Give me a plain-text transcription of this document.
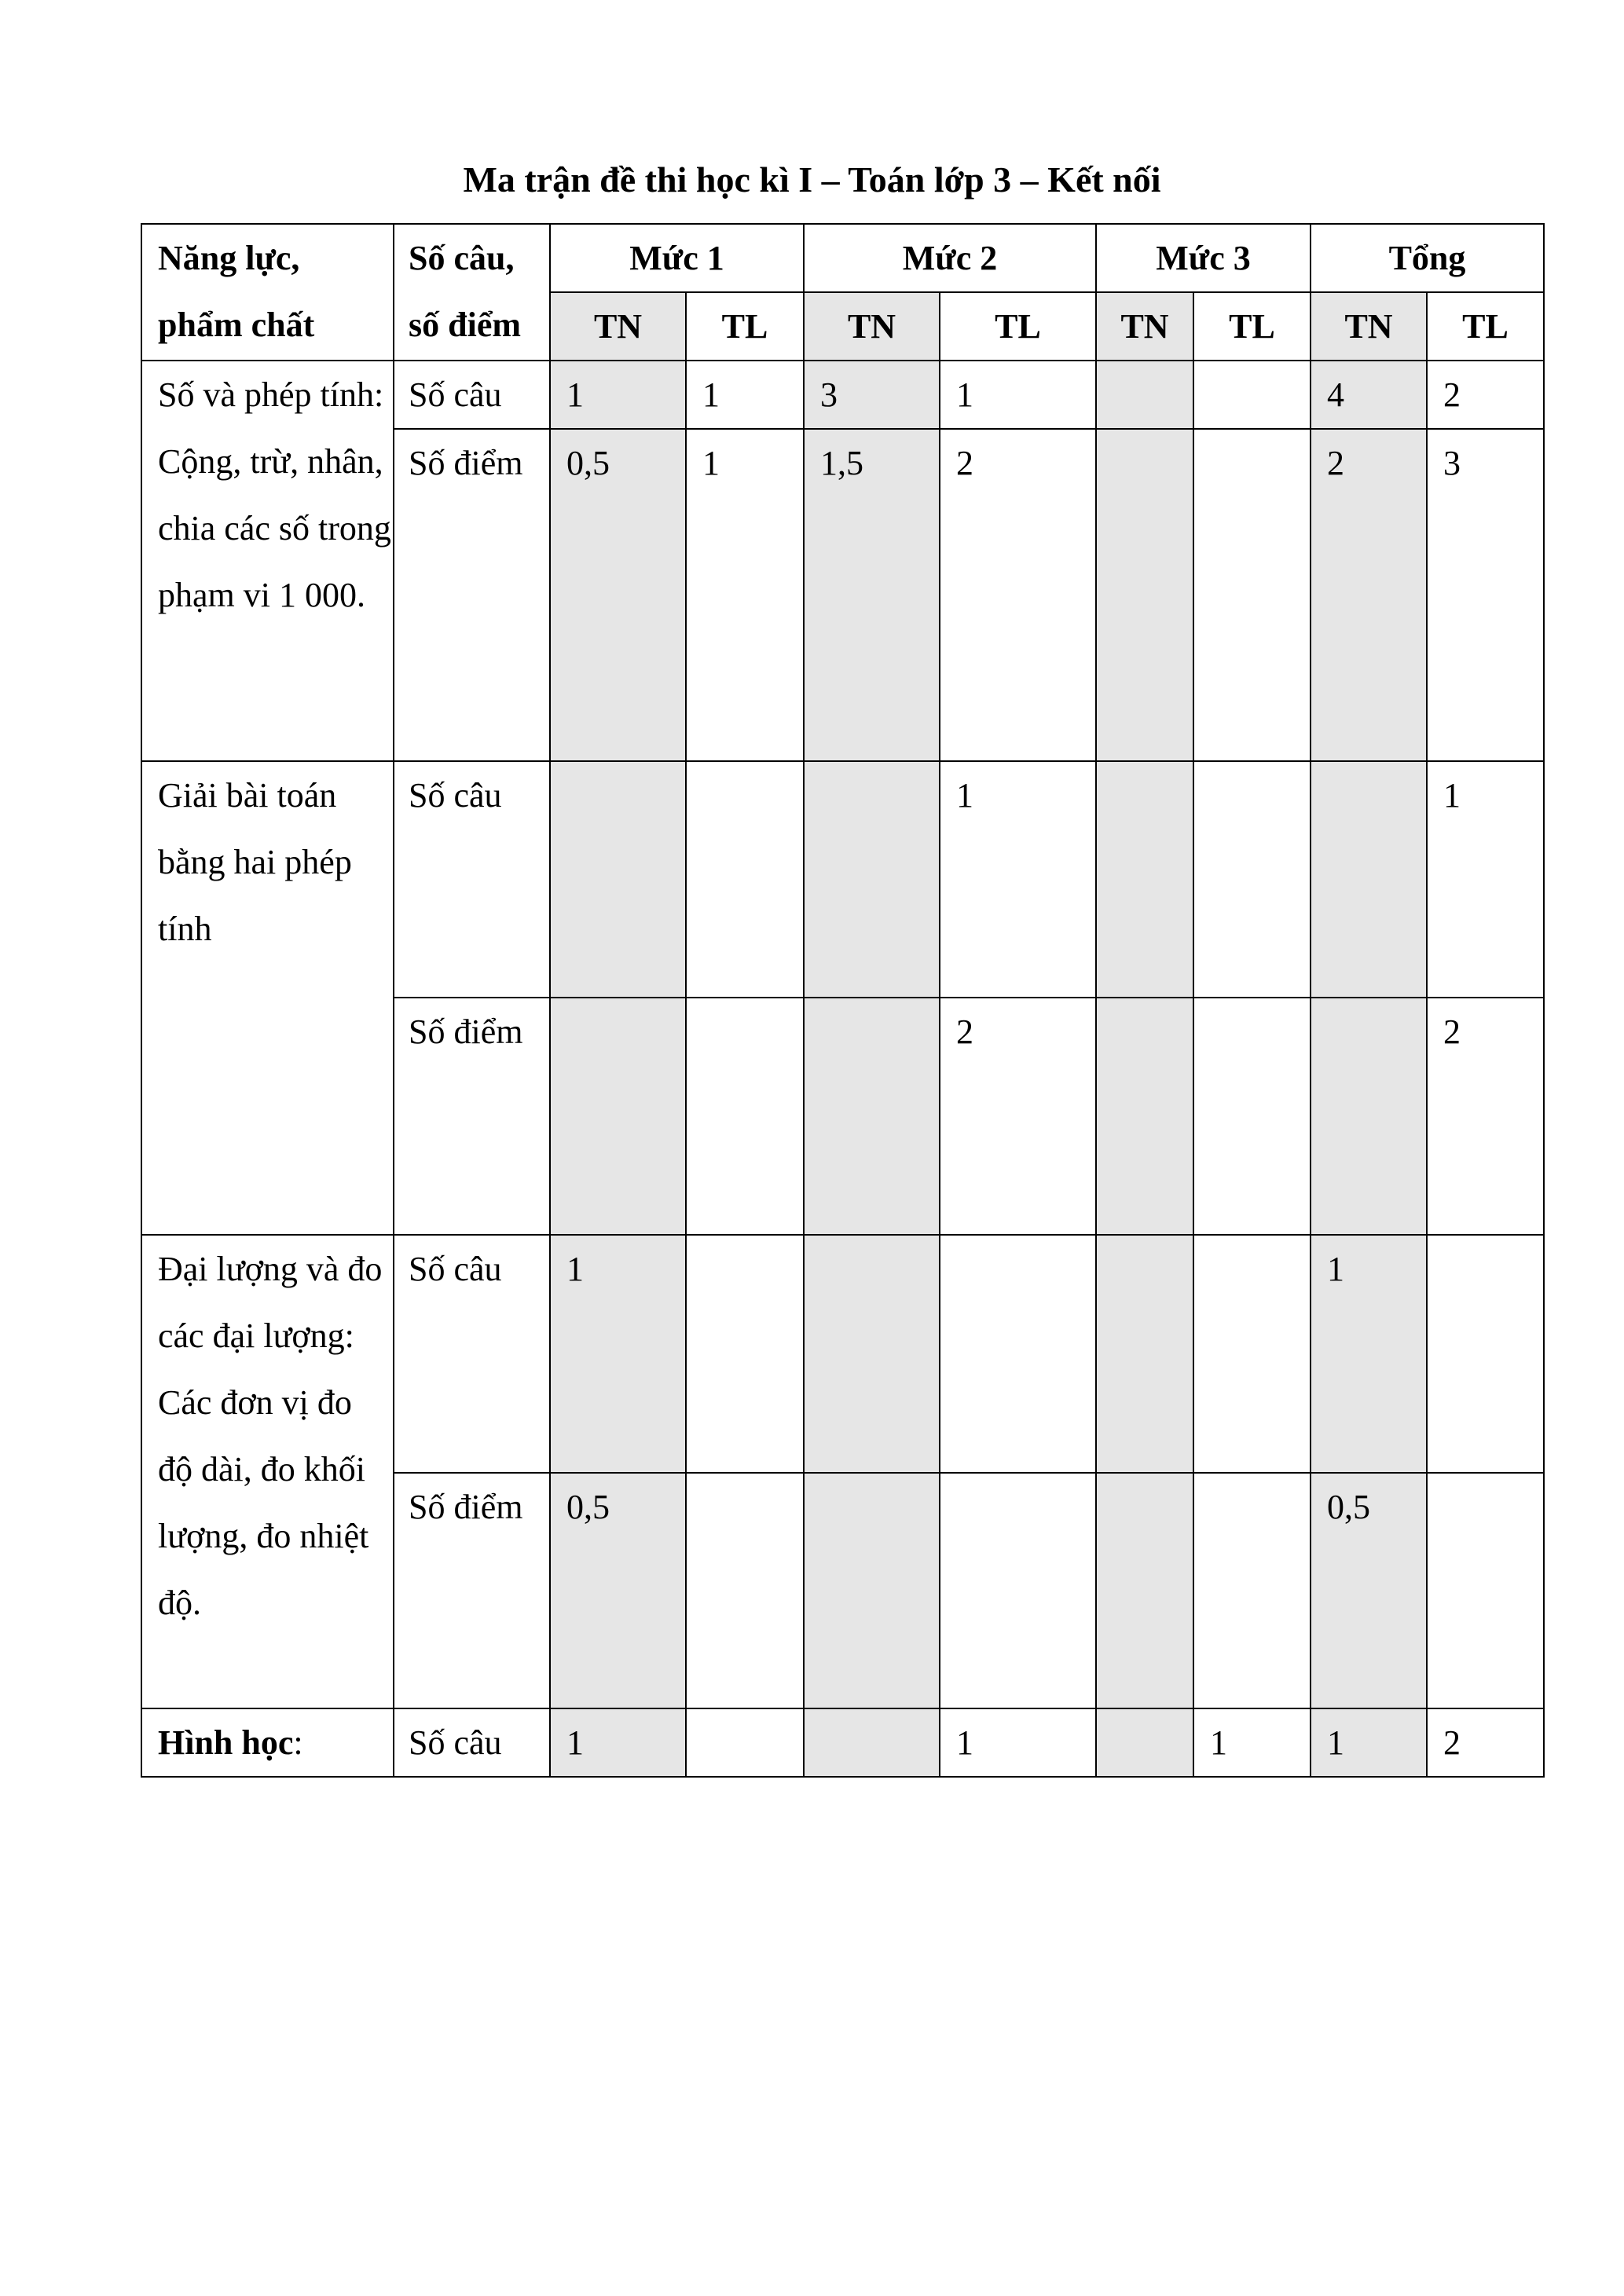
Ma trận đề thi học kì I – Toán lớp 3 – Kết nối
Năng lực,
phẩm chất	Số câu,
số điểm	Mức 1		Mức 2		Mức 3		Tổng	
		TN	TL	TN	TL	TN	TL	TN	TL
Số và phép tính: Cộng, trừ, nhân, chia các số trong phạm vi 1 000.	Số câu	1	1	3	1			4	2
	Số điểm	0,5	1	1,5	2			2	3
Giải bài toán bằng hai phép tính	Số câu				1				1
	Số điểm				2				2
Đại lượng và đo các đại lượng: Các đơn vị đo độ dài, đo khối lượng, đo nhiệt độ.	Số câu	1						1	
	Số điểm	0,5						0,5	
Hình học:	Số câu	1			1		1	1	2
